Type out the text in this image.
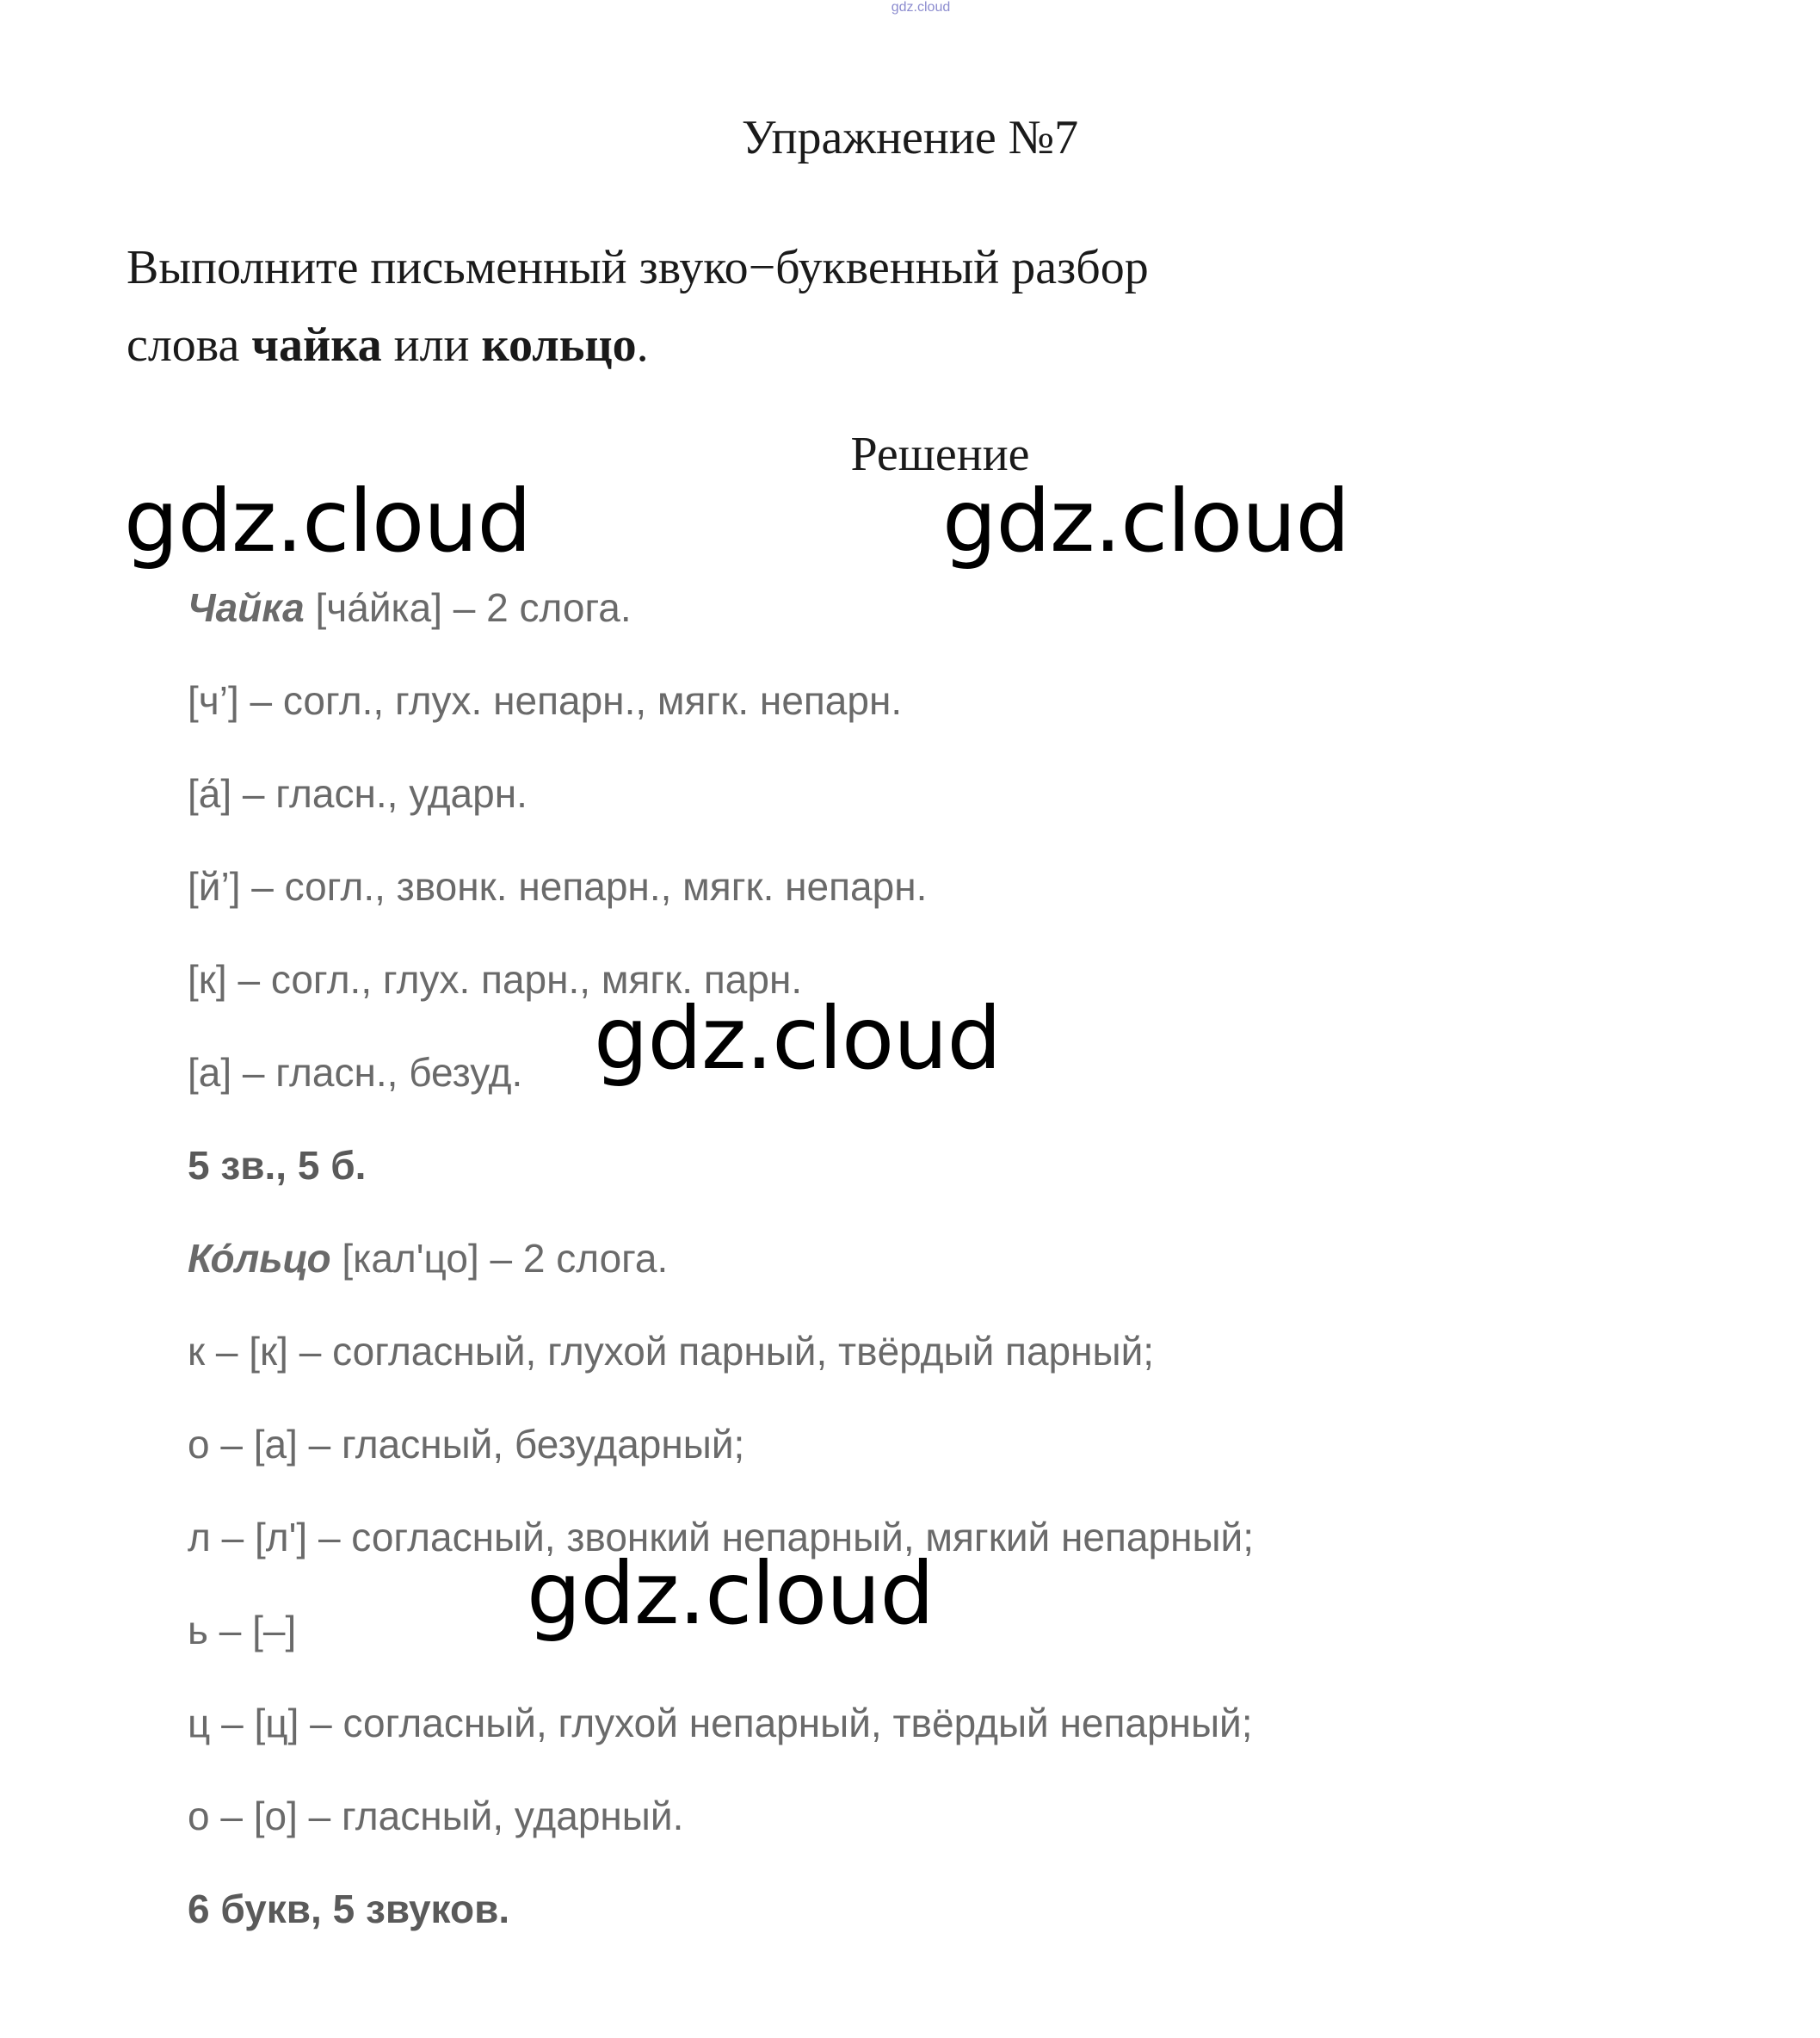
gdz.cloud
Упражнение №7
Выполните письменный звуко−буквенный разбор
слова чайка или кольцо.
Решение
Чайка [ча́йка] – 2 слога.
[ч’] – согл., глух. непарн., мягк. непарн.
[а́] – гласн., ударн.
[й’] – согл., звонк. непарн., мягк. непарн.
[к] – согл., глух. парн., мягк. парн.
[а] – гласн., безуд.
5 зв., 5 б.
Ко́льцо [кал'цо] – 2 слога.
к – [к] – согласный, глухой парный, твёрдый парный;
о – [а] – гласный, безударный;
л – [л'] – согласный, звонкий непарный, мягкий непарный;
ь – [–]
ц – [ц] – согласный, глухой непарный, твёрдый непарный;
о – [о] – гласный, ударный.
6 букв, 5 звуков.
gdz.cloud	gdz.cloud
gdz.cloud
gdz.cloud
